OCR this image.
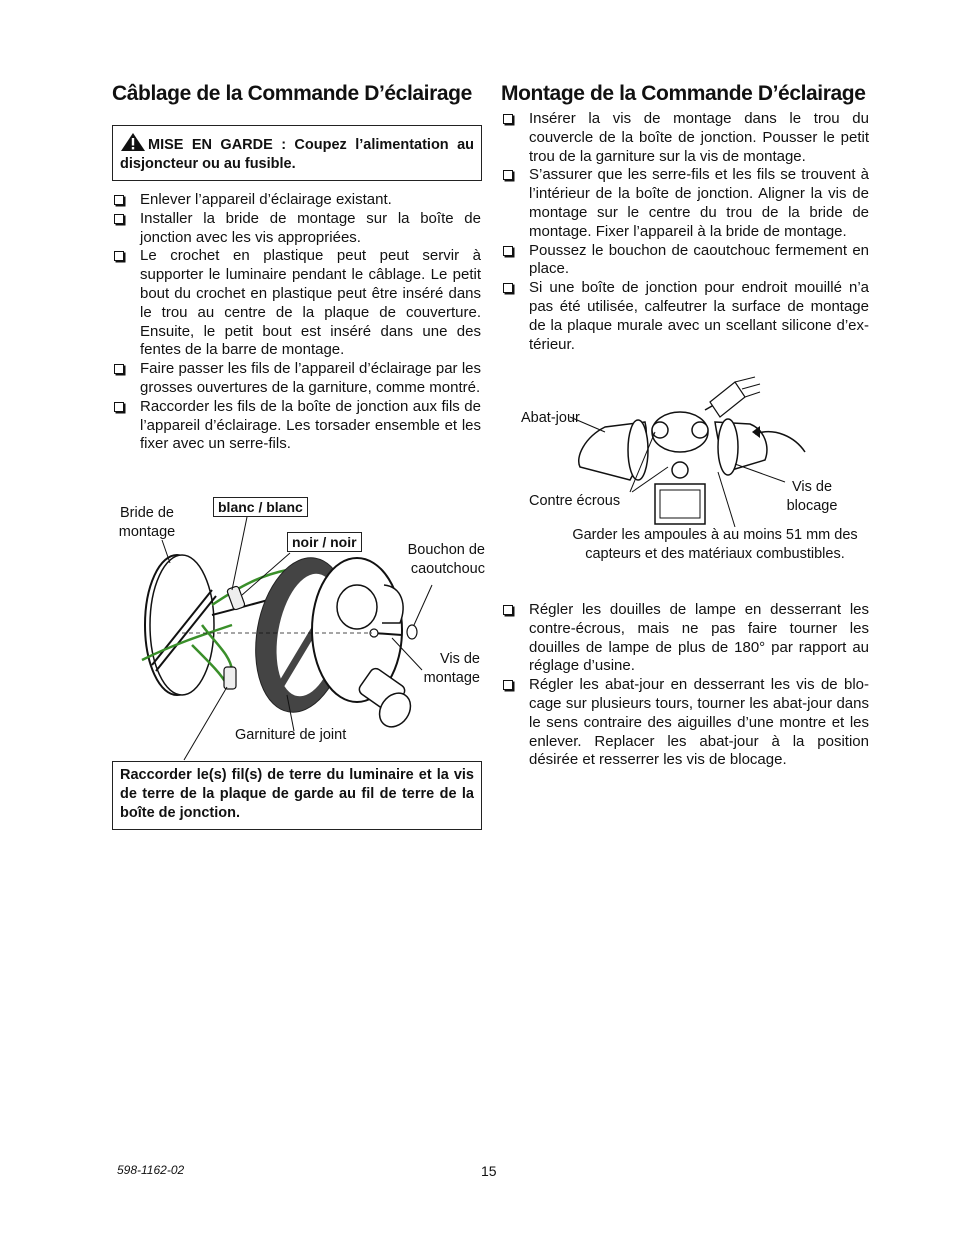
Câblage de la Commande D’éclairage
MISE EN GARDE : Coupez l’alimentation au disjoncteur ou au fusible.
Enlever l’appareil d’éclairage existant.
Installer la bride de montage sur la boîte de jonction avec les vis appropriées.
Le crochet en plastique peut peut servir à supporter le luminaire pendant le câblage. Le petit bout du crochet en plastique peut être inséré dans le trou au centre de la plaque de couverture. Ensuite, le petit bout est inséré dans une des fentes de la barre de montage.
Faire passer les fils de l’appareil d’éclairage par les grosses ouvertures de la garniture, comme montré.
Raccorder les fils de la boîte de jonction aux fils de l’appareil d’éclairage. Les torsader ensemble et les fixer avec un serre-fils.
Bride de montage
blanc / blanc
noir / noir	Bouchon de caoutchouc
Vis de montage
Garniture de joint
Raccorder le(s) fil(s) de terre du luminaire et la vis de terre de la plaque de garde au fil de terre de la boîte de jonction.
Montage de la Commande D’éclairage
Insérer la vis de montage dans le trou du couvercle de la boîte de jonction. Pousser le petit trou de la garniture sur la vis de montage.
S’assurer que les serre-fils et les fils se trouvent à l’intérieur de la boîte de jonction. Aligner la vis de montage sur le centre du trou de la bride de montage. Fixer l’appareil à la bride de montage.
Poussez le bouchon de caoutchouc fermement en place.
Si une boîte de jonction pour endroit mouillé n’a pas été utilisée, calfeutrer la surface de montage de la plaque murale avec un scellant silicone d’ex- térieur.
Abat-jour
Contre écrous
Vis de blocage
Garder les ampoules à au moins 51 mm des capteurs et des matériaux combustibles.
Régler les douilles de lampe en desserrant les contre-écrous, mais ne pas faire tourner les douilles de lampe de plus de 180° par rapport au réglage d’usine.
Régler les abat-jour en desserrant les vis de blo- cage sur plusieurs tours, tourner les abat-jour dans le sens contraire des aiguilles d’une montre et les enlever. Replacer les abat-jour à la position désirée et resserrer les vis de blocage.
598-1162-02	15
